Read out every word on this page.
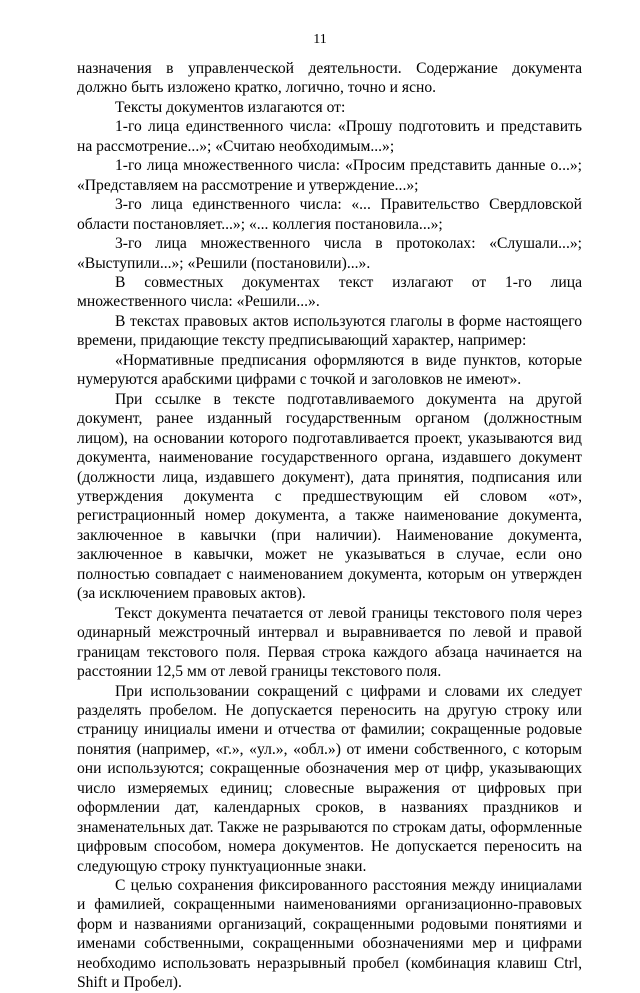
11

назначения в управленческой деятельности. Содержание документа должно быть изложено кратко, логично, точно и ясно.

Тексты документов излагаются от:

1-го лица единственного числа: «Прошу подготовить и представить на рассмотрение...»; «Считаю необходимым...»;

1-го лица множественного числа: «Просим представить данные о...»; «Представляем на рассмотрение и утверждение...»;

3-го лица единственного числа: «... Правительство Свердловской области постановляет...»; «... коллегия постановила...»;

3-го лица множественного числа в протоколах: «Слушали...»; «Выступили...»; «Решили (постановили)...».

В совместных документах текст излагают от 1-го лица множественного числа: «Решили...».

В текстах правовых актов используются глаголы в форме настоящего времени, придающие тексту предписывающий характер, например:

«Нормативные предписания оформляются в виде пунктов, которые нумеруются арабскими цифрами с точкой и заголовков не имеют».

При ссылке в тексте подготавливаемого документа на другой документ, ранее изданный государственным органом (должностным лицом), на основании которого подготавливается проект, указываются вид документа, наименование государственного органа, издавшего документ (должности лица, издавшего документ), дата принятия, подписания или утверждения документа с предшествующим ей словом «от», регистрационный номер документа, а также наименование документа, заключенное в кавычки (при наличии). Наименование документа, заключенное в кавычки, может не указываться в случае, если оно полностью совпадает с наименованием документа, которым он утвержден (за исключением правовых актов).

Текст документа печатается от левой границы текстового поля через одинарный межстрочный интервал и выравнивается по левой и правой границам текстового поля. Первая строка каждого абзаца начинается на расстоянии 12,5 мм от левой границы текстового поля.

При использовании сокращений с цифрами и словами их следует разделять пробелом. Не допускается переносить на другую строку или страницу инициалы имени и отчества от фамилии; сокращенные родовые понятия (например, «г.», «ул.», «обл.») от имени собственного, с которым они используются; сокращенные обозначения мер от цифр, указывающих число измеряемых единиц; словесные выражения от цифровых при оформлении дат, календарных сроков, в названиях праздников и знаменательных дат. Также не разрываются по строкам даты, оформленные цифровым способом, номера документов. Не допускается переносить на следующую строку пунктуационные знаки.

С целью сохранения фиксированного расстояния между инициалами и фамилией, сокращенными наименованиями организационно-правовых форм и названиями организаций, сокращенными родовыми понятиями и именами собственными, сокращенными обозначениями мер и цифрами необходимо использовать неразрывный пробел (комбинация клавиш Ctrl, Shift и Пробел).
